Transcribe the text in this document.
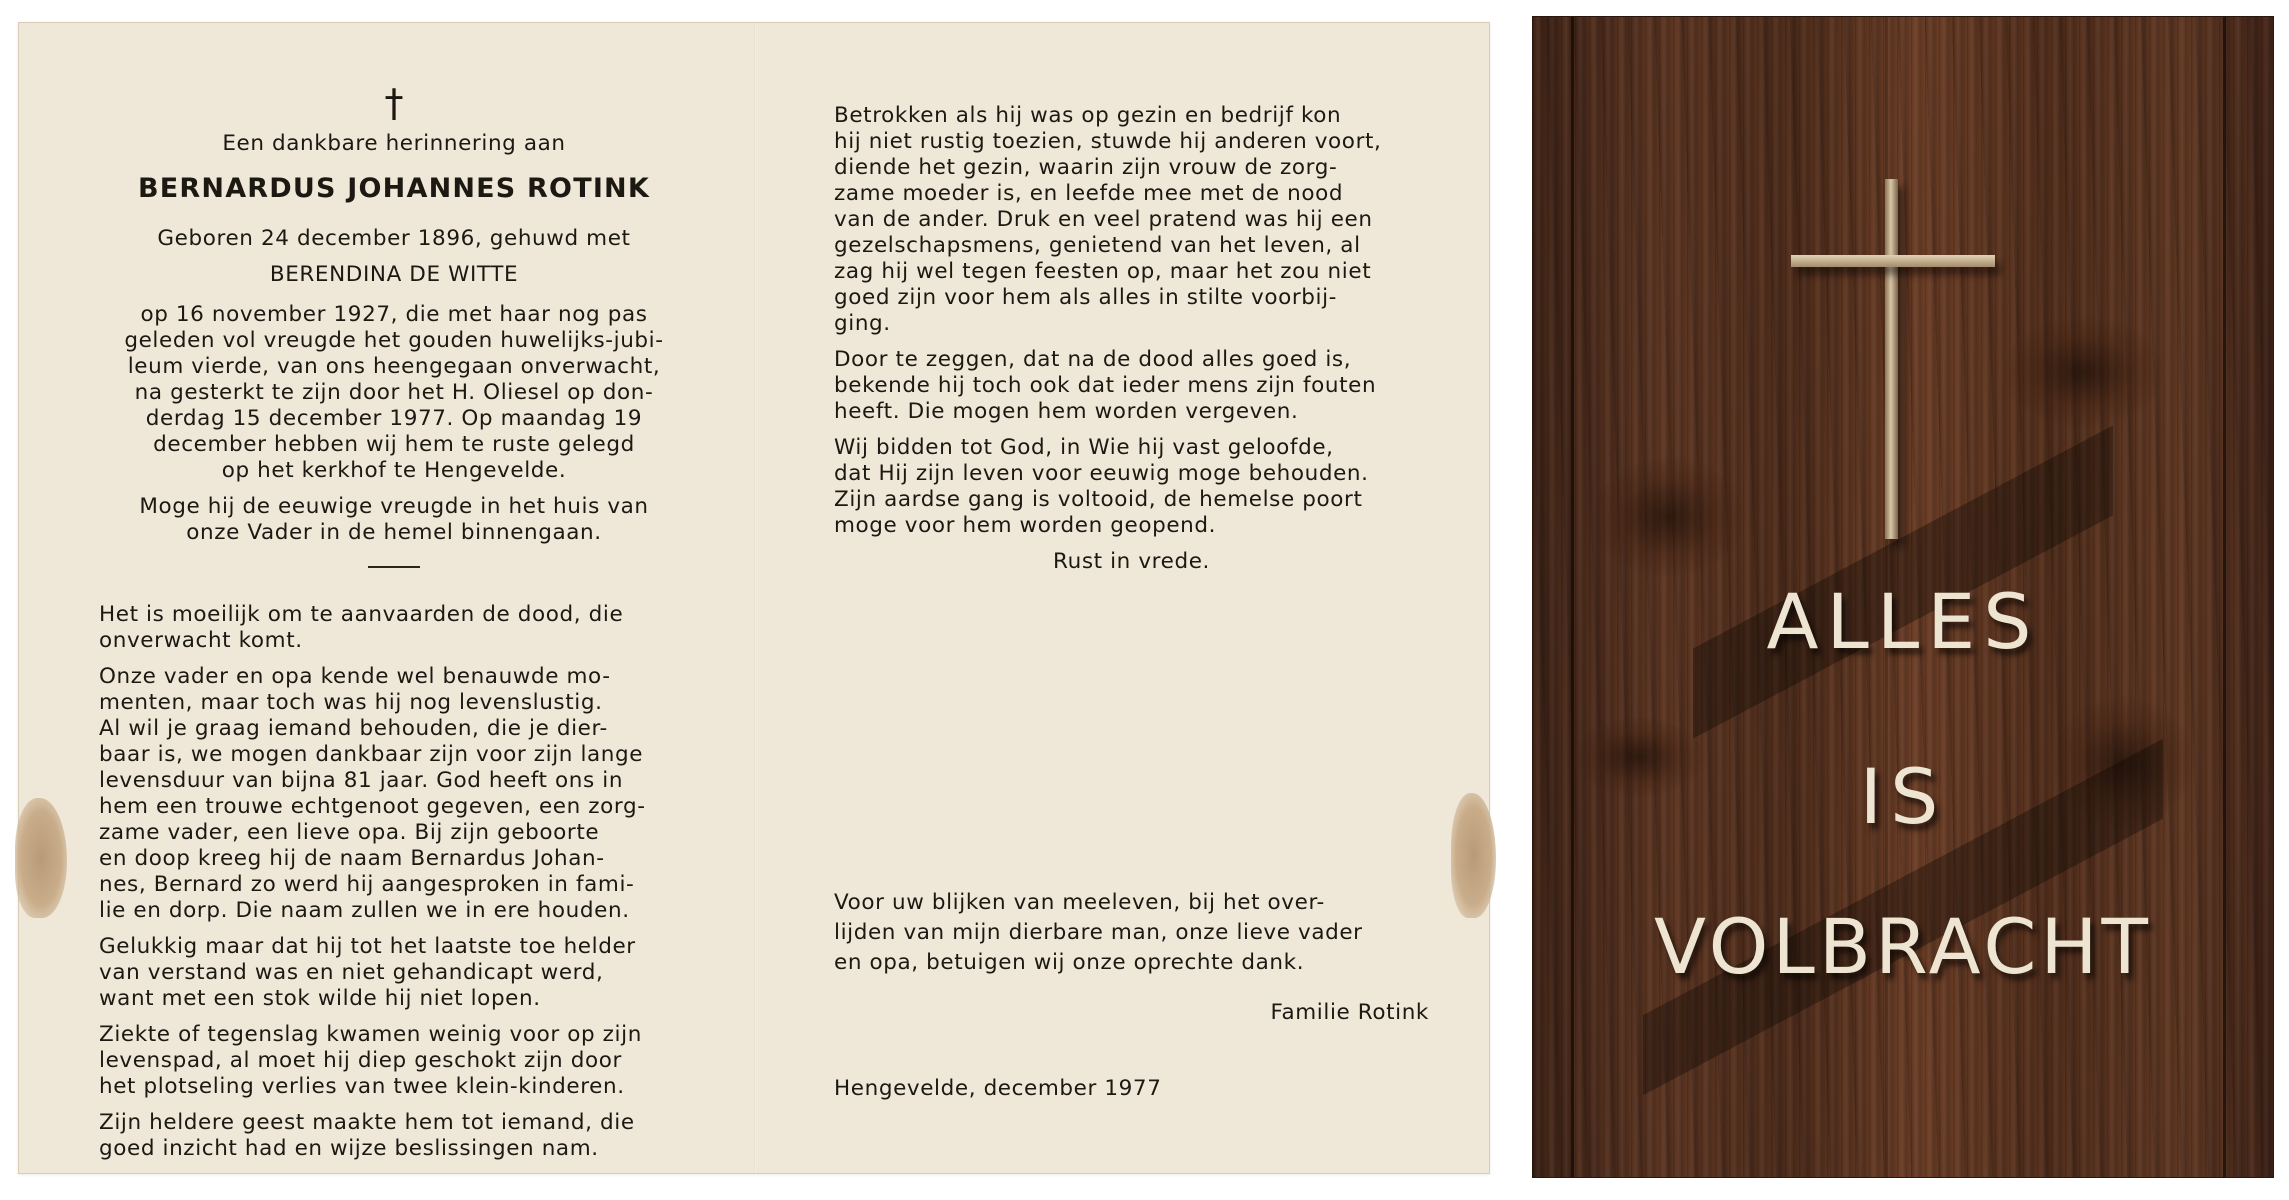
†

Een dankbare herinnering aan

BERNARDUS JOHANNES ROTINK

Geboren 24 december 1896, gehuwd met

BERENDINA DE WITTE

op 16 november 1927, die met haar nog pas

geleden vol vreugde het gouden huwelijks-jubi-

leum vierde, van ons heengegaan onverwacht,

na gesterkt te zijn door het H. Oliesel op don-

derdag 15 december 1977. Op maandag 19

december hebben wij hem te ruste gelegd

op het kerkhof te Hengevelde.

Moge hij de eeuwige vreugde in het huis van

onze Vader in de hemel binnengaan.

Het is moeilijk om te aanvaarden de dood, die

onverwacht komt.

Onze vader en opa kende wel benauwde mo-

menten, maar toch was hij nog levenslustig.

Al wil je graag iemand behouden, die je dier-

baar is, we mogen dankbaar zijn voor zijn lange

levensduur van bijna 81 jaar. God heeft ons in

hem een trouwe echtgenoot gegeven, een zorg-

zame vader, een lieve opa. Bij zijn geboorte

en doop kreeg hij de naam Bernardus Johan-

nes, Bernard zo werd hij aangesproken in fami-

lie en dorp. Die naam zullen we in ere houden.

Gelukkig maar dat hij tot het laatste toe helder

van verstand was en niet gehandicapt werd,

want met een stok wilde hij niet lopen.

Ziekte of tegenslag kwamen weinig voor op zijn

levenspad, al moet hij diep geschokt zijn door

het plotseling verlies van twee klein-kinderen.

Zijn heldere geest maakte hem tot iemand, die

goed inzicht had en wijze beslissingen nam.

Betrokken als hij was op gezin en bedrijf kon

hij niet rustig toezien, stuwde hij anderen voort,

diende het gezin, waarin zijn vrouw de zorg-

zame moeder is, en leefde mee met de nood

van de ander. Druk en veel pratend was hij een

gezelschapsmens, genietend van het leven, al

zag hij wel tegen feesten op, maar het zou niet

goed zijn voor hem als alles in stilte voorbij-

ging.

Door te zeggen, dat na de dood alles goed is,

bekende hij toch ook dat ieder mens zijn fouten

heeft. Die mogen hem worden vergeven.

Wij bidden tot God, in Wie hij vast geloofde,

dat Hij zijn leven voor eeuwig moge behouden.

Zijn aardse gang is voltooid, de hemelse poort

moge voor hem worden geopend.

Rust in vrede.

Voor uw blijken van meeleven, bij het over-

lijden van mijn dierbare man, onze lieve vader

en opa, betuigen wij onze oprechte dank.

Familie Rotink

Hengevelde, december 1977

ALLES
IS
VOLBRACHT
